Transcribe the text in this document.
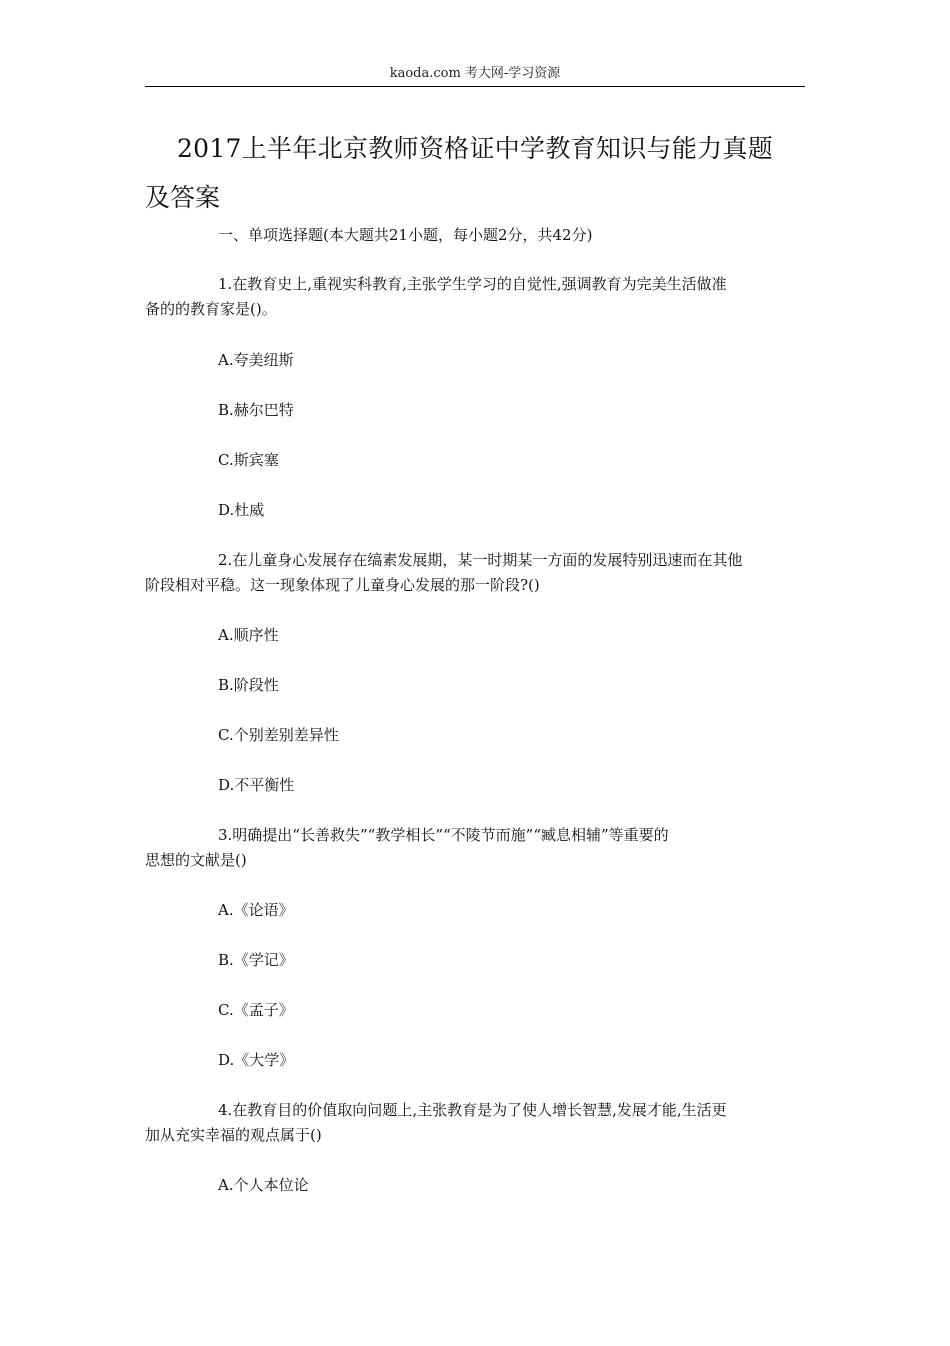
kaoda.com 考大网-学习资源
2017上半年北京教师资格证中学教育知识与能力真题
及答案
一、单项选择题(本大题共21小题，每小题2分，共42分)
1.在教育史上,重视实科教育,主张学生学习的自觉性,强调教育为完美生活做准
备的的教育家是()。
A.夸美纽斯
B.赫尔巴特
C.斯宾塞
D.杜威
2.在儿童身心发展存在缟素发展期，某一时期某一方面的发展特别迅速而在其他
阶段相对平稳。这一现象体现了儿童身心发展的那一阶段?()
A.顺序性
B.阶段性
C.个别差别差异性
D.不平衡性
3.明确提出“长善救失”“教学相长”“不陵节而施”“臧息相辅”等重要的
思想的文献是()
A.《论语》
B.《学记》
C.《孟子》
D.《大学》
4.在教育目的价值取向问题上,主张教育是为了使人增长智慧,发展才能,生活更
加从充实幸福的观点属于()
A.个人本位论
